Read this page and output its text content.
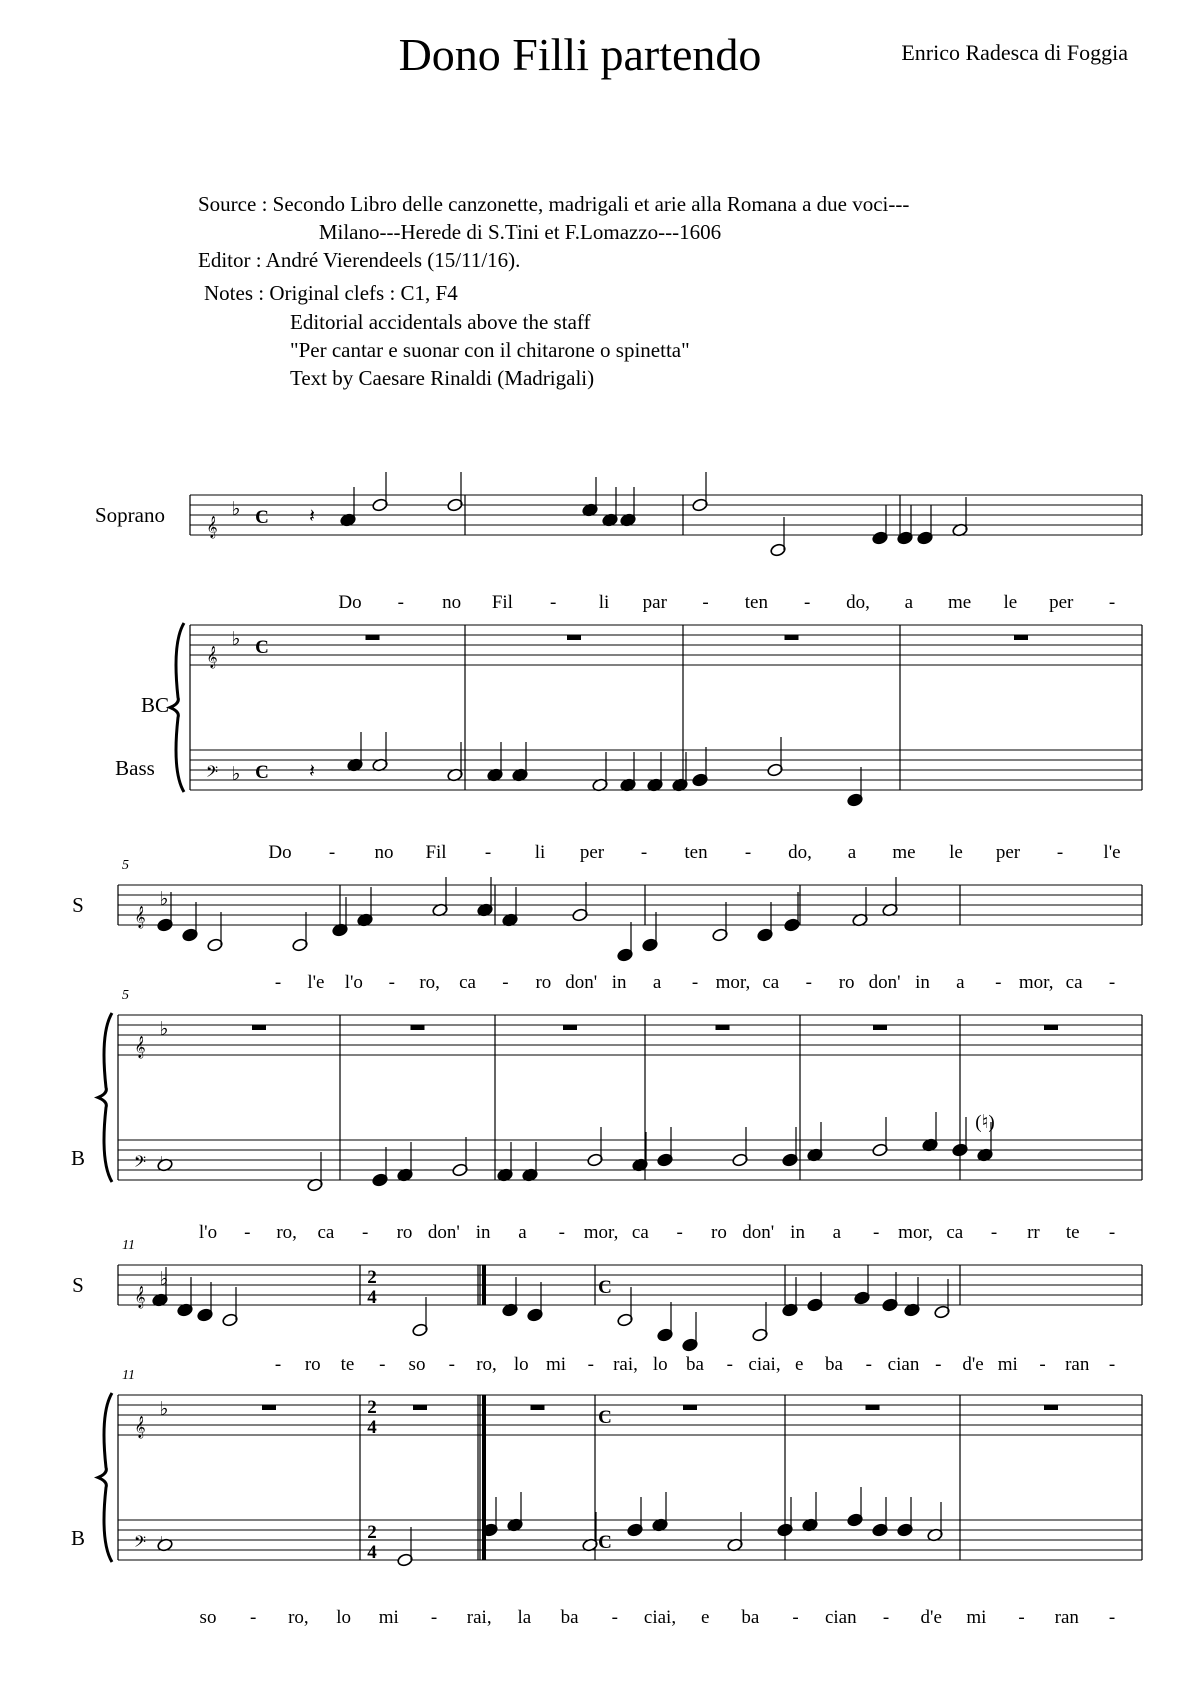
Dono Filli partendo	Enrico Radesca di Foggia
Source : Secondo Libro delle canzonette, madrigali et arie alla Romana a due voci---
Milano---Herede di S.Tini et F.Lomazzo---1606
Editor : André Vierendeels (15/11/16).
Notes : Original clefs : C1, F4
Editorial accidentals above the staff
"Per cantar e suonar con il chitarone o spinetta"
Text by Caesare Rinaldi (Madrigali)
𝄞
𝄞
𝄢
♭
♭
♭
C
C
C
Soprano
BC
Bass
Do - no Fil - li par - ten - do, a me le per -
Do - no Fil - li per - ten - do, a me le per - l'e
𝄞
𝄞
𝄢
♭
♭
S
B
5
5
- l'e l'o - ro, ca - ro don' in a - mor, ca - ro don' in a - mor, ca -
l'o - ro, ca - ro don' in a - mor, ca - ro don' in a - mor, ca - rr te -
𝄞
𝄞
𝄢
♭
♭
S
B
11
11
2
4
2
4
2
4
C
C
C
- ro te - so - ro, lo mi - rai, lo ba - ciai, e ba - cian - d'e mi - ran -
so - ro, lo mi - rai, la ba - ciai, e ba - cian - d'e mi - ran -
𝄽
𝄽
(♮)
